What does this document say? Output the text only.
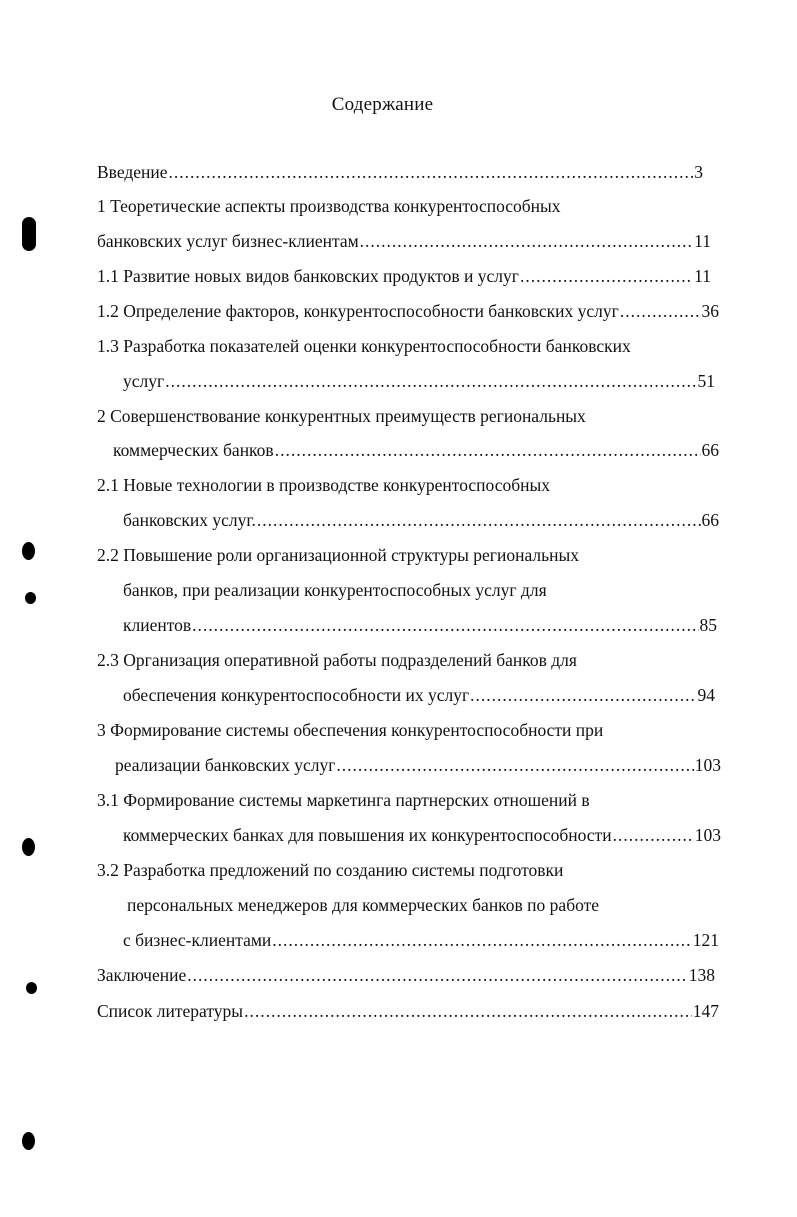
Содержание
Введение .....	3
1 Теоретические аспекты производства конкурентоспособных
банковских услуг бизнес-клиентам .....	11
1.1 Развитие новых видов банковских продуктов и услуг .....	11
1.2 Определение факторов, конкурентоспособности банковских услуг .....	36
1.3 Разработка показателей оценки конкурентоспособности банковских
услуг .....	51
2 Совершенствование конкурентных преимуществ региональных
коммерческих банков .....	66
2.1 Новые технологии в производстве конкурентоспособных
банковских услуг. .....	66
2.2 Повышение роли организационной структуры региональных
банков, при реализации конкурентоспособных услуг для
клиентов .....	85
2.3 Организация оперативной работы подразделений банков для
обеспечения конкурентоспособности их услуг .....	94
3 Формирование системы обеспечения конкурентоспособности при
реализации банковских услуг .....	103
3.1 Формирование системы маркетинга партнерских отношений в
коммерческих банках для повышения их конкурентоспособности .....	103
3.2 Разработка предложений по созданию системы подготовки
персональных менеджеров для коммерческих банков по работе
с бизнес-клиентами .....	121
Заключение .....	138
Список литературы .....	147
